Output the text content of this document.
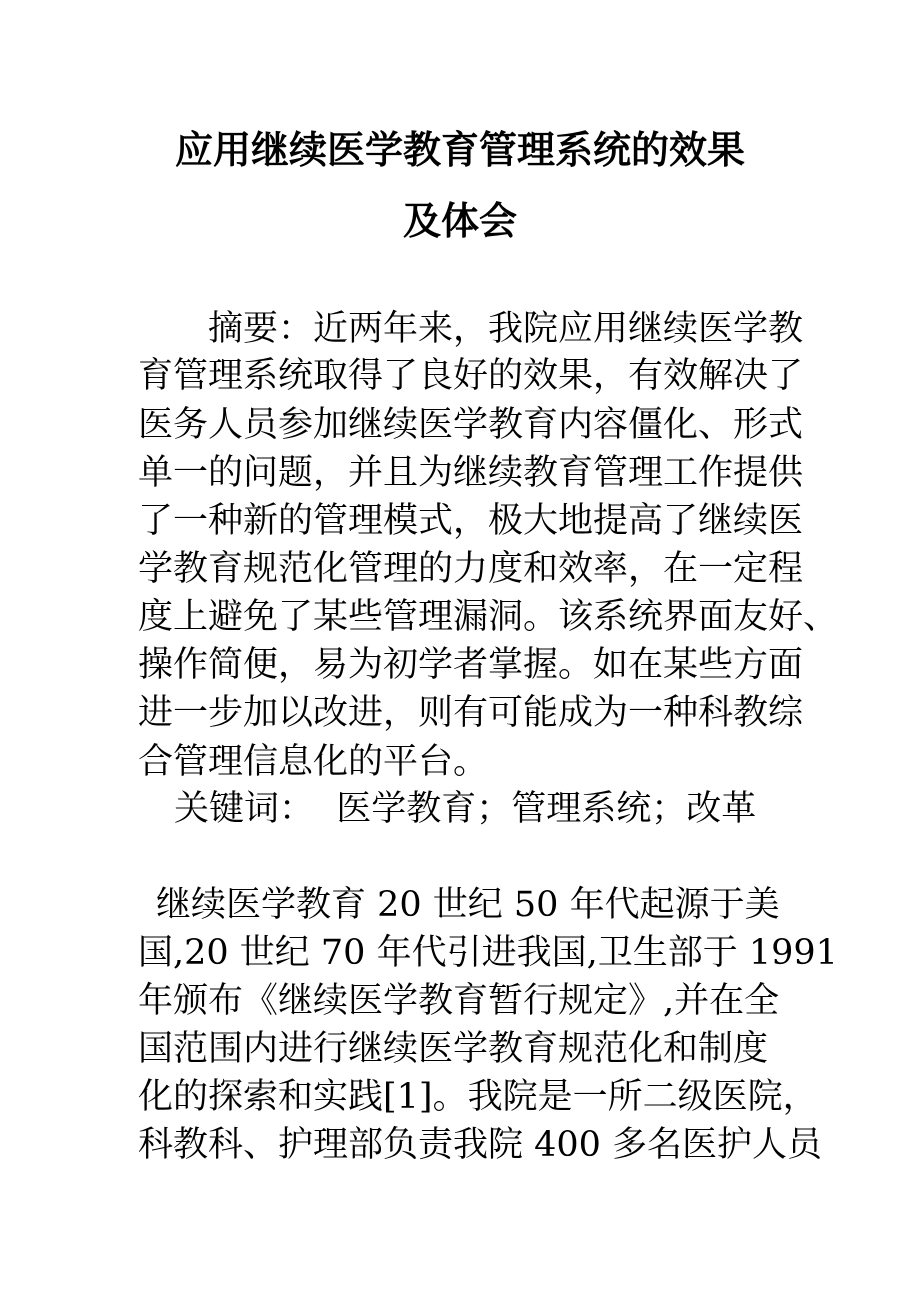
应用继续医学教育管理系统的效果
及体会
摘要：近两年来，我院应用继续医学教
育管理系统取得了良好的效果，有效解决了
医务人员参加继续医学教育内容僵化、形式
单一的问题，并且为继续教育管理工作提供
了一种新的管理模式，极大地提高了继续医
学教育规范化管理的力度和效率，在一定程
度上避免了某些管理漏洞。该系统界面友好、
操作简便，易为初学者掌握。如在某些方面
进一步加以改进，则有可能成为一种科教综
合管理信息化的平台。
关键词：  医学教育；管理系统；改革
继续医学教育 20 世纪 50 年代起源于美
国,20 世纪 70 年代引进我国,卫生部于 1991
年颁布《继续医学教育暂行规定》,并在全
国范围内进行继续医学教育规范化和制度
化的探索和实践[1]。我院是一所二级医院，
科教科、护理部负责我院 400 多名医护人员
